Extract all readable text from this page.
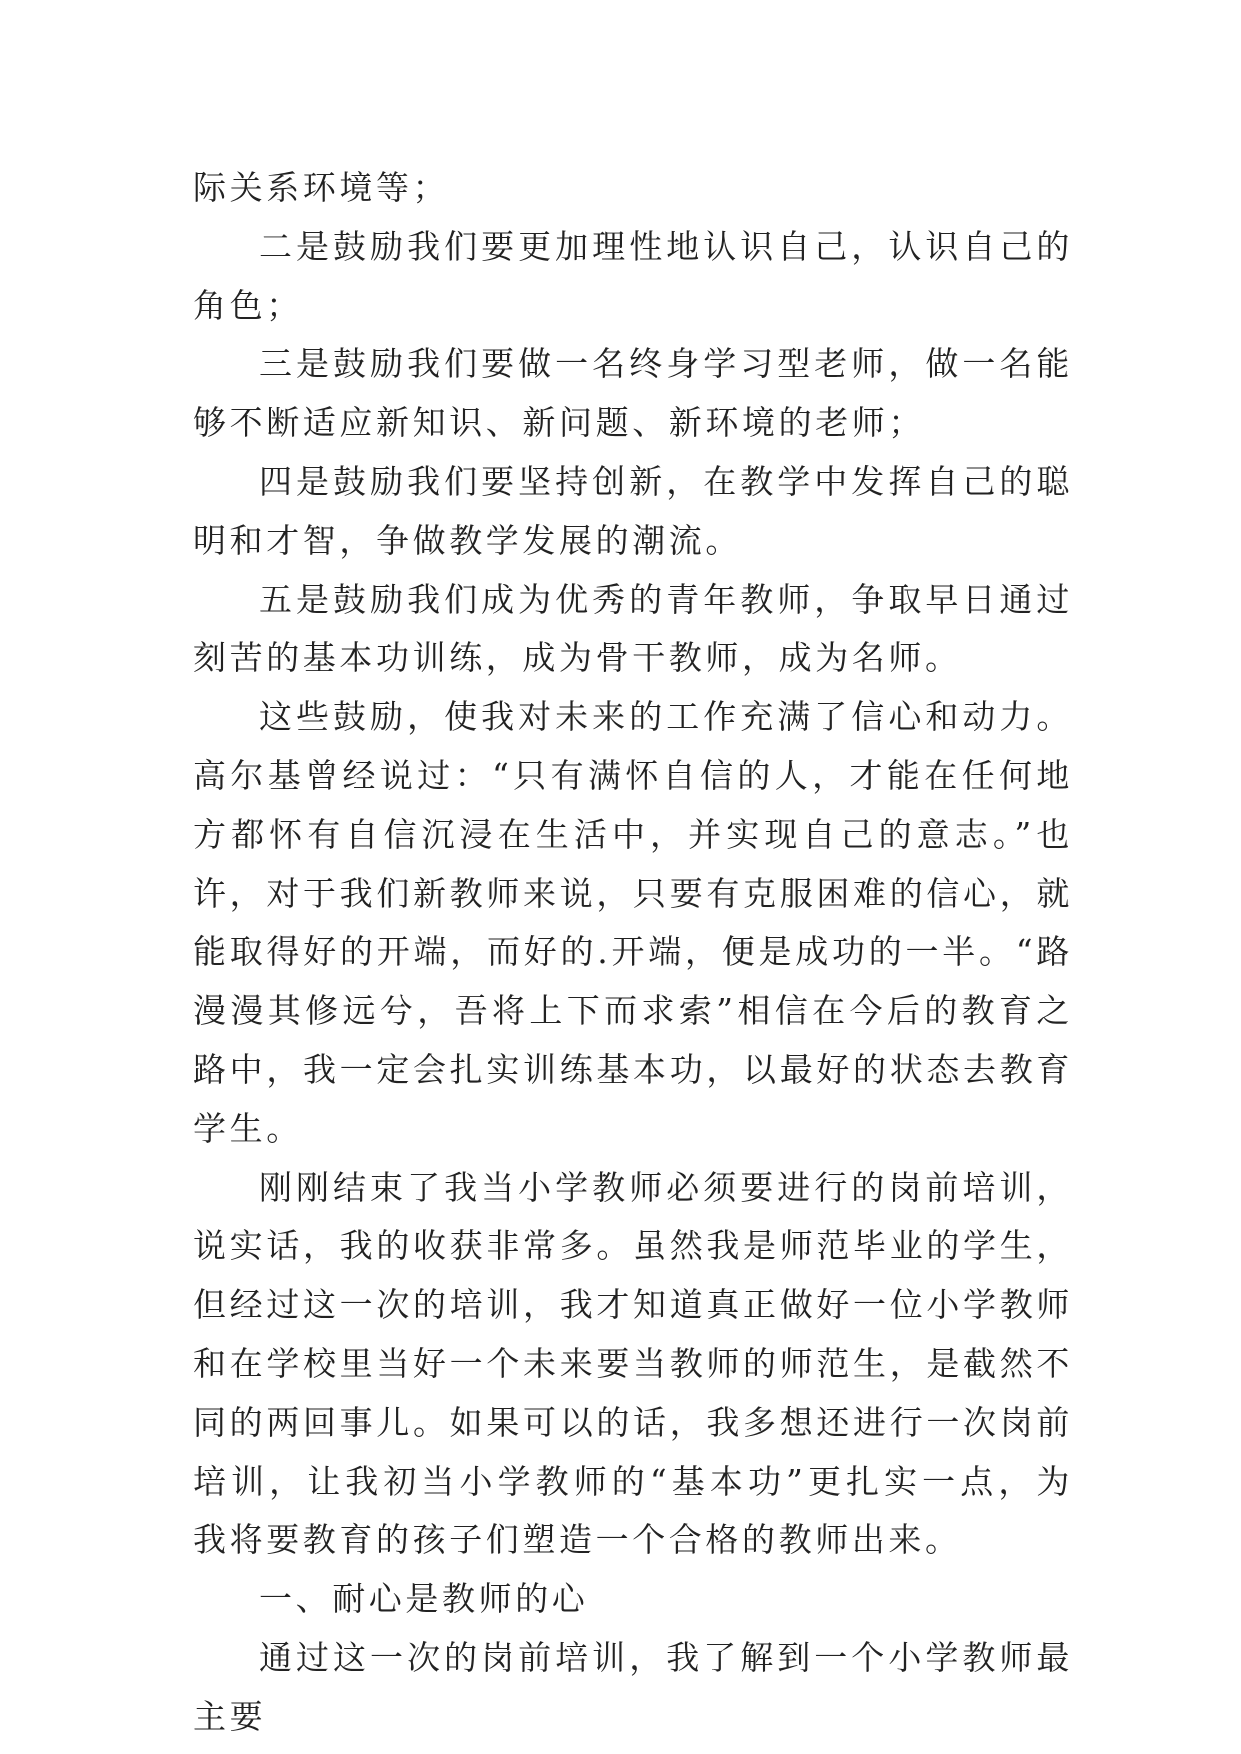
际关系环境等；

二是鼓励我们要更加理性地认识自己，认识自己的角色；

三是鼓励我们要做一名终身学习型老师，做一名能够不断适应新知识、新问题、新环境的老师；

四是鼓励我们要坚持创新，在教学中发挥自己的聪明和才智，争做教学发展的潮流。

五是鼓励我们成为优秀的青年教师，争取早日通过刻苦的基本功训练，成为骨干教师，成为名师。

这些鼓励，使我对未来的工作充满了信心和动力。高尔基曾经说过：“只有满怀自信的人，才能在任何地方都怀有自信沉浸在生活中，并实现自己的意志。”也许，对于我们新教师来说，只要有克服困难的信心，就能取得好的开端，而好的.开端，便是成功的一半。“路漫漫其修远兮，吾将上下而求索”相信在今后的教育之路中，我一定会扎实训练基本功，以最好的状态去教育学生。

刚刚结束了我当小学教师必须要进行的岗前培训，说实话，我的收获非常多。虽然我是师范毕业的学生，但经过这一次的培训，我才知道真正做好一位小学教师和在学校里当好一个未来要当教师的师范生，是截然不同的两回事儿。如果可以的话，我多想还进行一次岗前培训，让我初当小学教师的“基本功”更扎实一点，为我将要教育的孩子们塑造一个合格的教师出来。

一、耐心是教师的心

通过这一次的岗前培训，我了解到一个小学教师最主要
